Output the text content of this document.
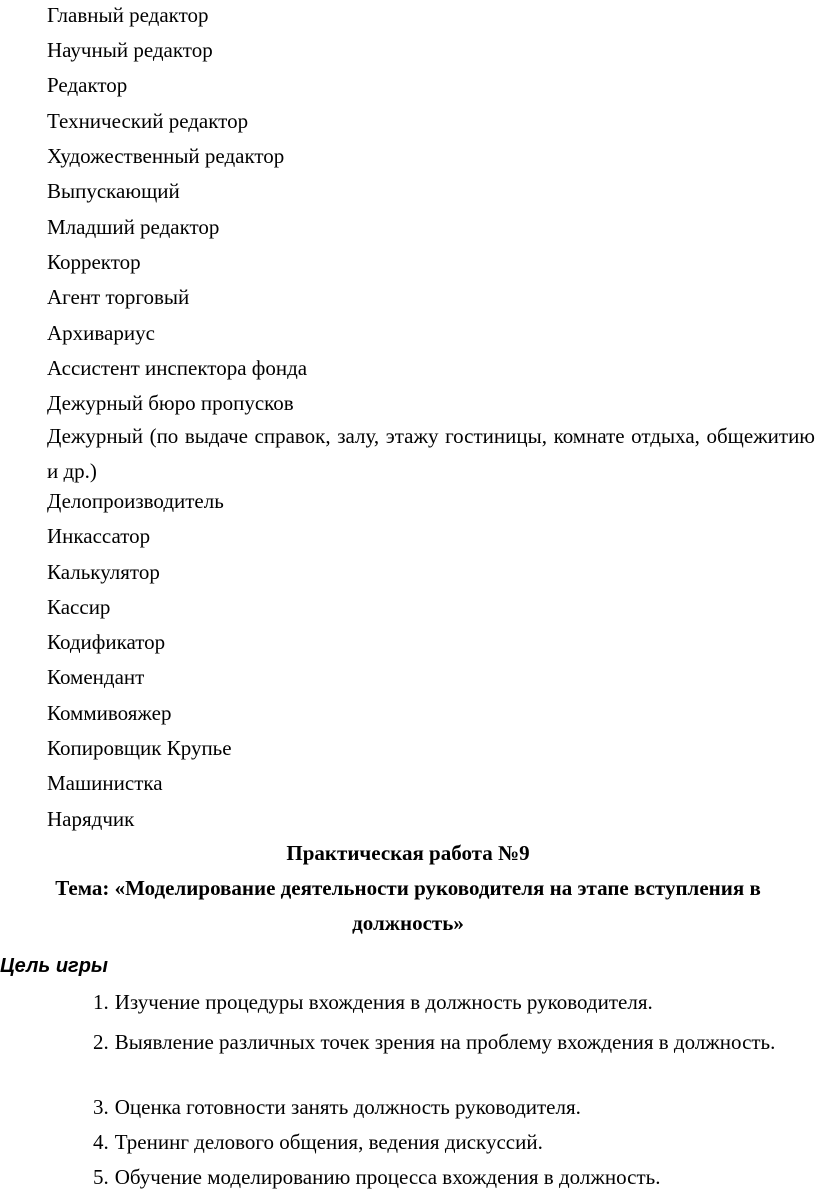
Главный редактор
Научный редактор
Редактор
Технический редактор
Художественный редактор
Выпускающий
Младший редактор
Корректор
Агент торговый
Архивариус
Ассистент инспектора фонда
Дежурный бюро пропусков
Дежурный (по выдаче справок, залу, этажу гостиницы, комнате отдыха, общежитию и др.)
Делопроизводитель
Инкассатор
Калькулятор
Кассир
Кодификатор
Комендант
Коммивояжер
Копировщик Крупье
Машинистка
Нарядчик
Практическая работа №9
Тема: «Моделирование деятельности руководителя на этапе вступления в должность»
Цель игры
1. Изучение процедуры вхождения в должность руководителя.
2. Выявление различных точек зрения на проблему вхождения в должность.
3. Оценка готовности занять должность руководителя.
4. Тренинг делового общения, ведения дискуссий.
5. Обучение моделированию процесса вхождения в должность.
